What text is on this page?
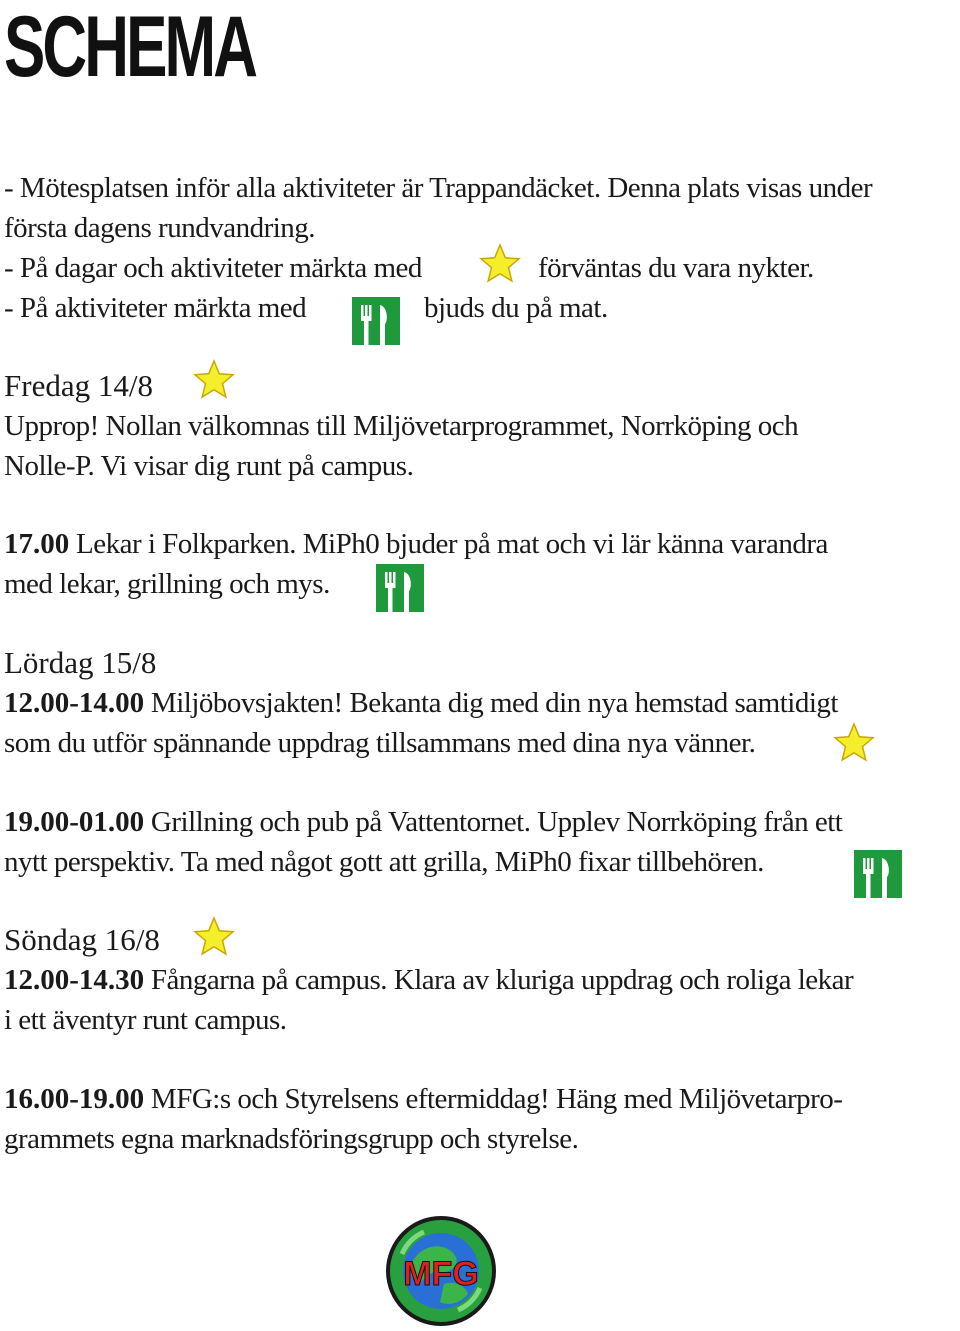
SCHEMA
- Mötesplatsen inför alla aktiviteter är Trappandäcket. Denna plats visas under
första dagens rundvandring.
- På dagar och aktiviteter märkta med	förväntas du vara nykter.
- På aktiviteter märkta med	bjuds du på mat.
Fredag 14/8
Upprop! Nollan välkomnas till Miljövetarprogrammet, Norrköping och
Nolle-P. Vi visar dig runt på campus.
17.00 Lekar i Folkparken. MiPh0 bjuder på mat och vi lär känna varandra
med lekar, grillning och mys.
Lördag 15/8
12.00-14.00 Miljöbovsjakten! Bekanta dig med din nya hemstad samtidigt
som du utför spännande uppdrag tillsammans med dina nya vänner.
19.00-01.00 Grillning och pub på Vattentornet. Upplev Norrköping från ett
nytt perspektiv. Ta med något gott att grilla, MiPh0 fixar tillbehören.
Söndag 16/8
12.00-14.30 Fångarna på campus. Klara av kluriga uppdrag och roliga lekar
i ett äventyr runt campus.
16.00-19.00 MFG:s och Styrelsens eftermiddag! Häng med Miljövetarpro-
grammets egna marknadsföringsgrupp och styrelse.
MFG
